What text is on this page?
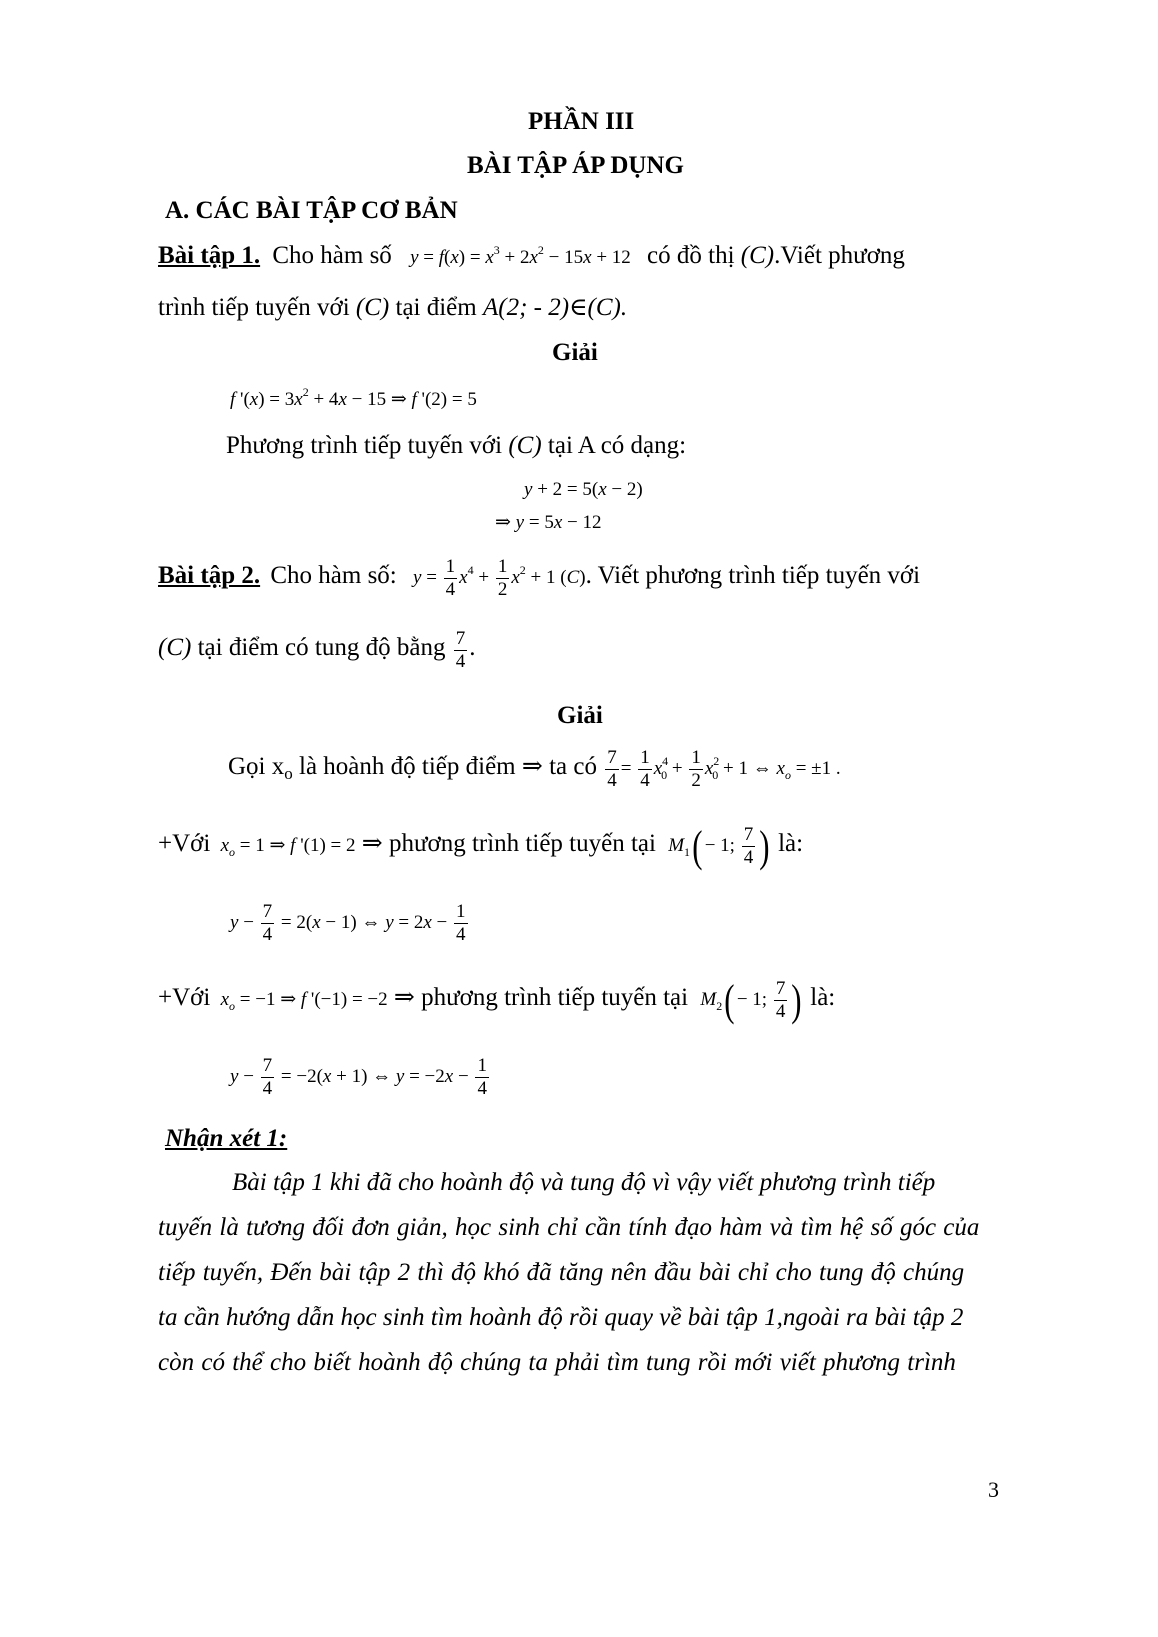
PHẦN III
BÀI TẬP ÁP DỤNG
A. CÁC BÀI TẬP CƠ BẢN
Bài tập 1. Cho hàm số $y = f(x) = x^3 + 2x^2 - 15x + 12$ có đồ thị (C).Viết phương
trình tiếp tuyến với (C) tại điểm A(2; - 2)∈(C).
Giải
f '$(x) = 3x^2 + 4x - 15$ ⇒ f '(2) = 5
Phương trình tiếp tuyến với (C) tại A có dạng:
y + 2 = 5(x − 2)
⇒ y = 5x − 12
Bài tập 2. Cho hàm số: $y = \frac{1}{4} x^4 + \frac{1}{2} x^2 + 1$ (C). Viết phương trình tiếp tuyến với
(C) tại điểm có tung độ bằng $\frac{7}{4}$ .
Giải
Gọi $x_o$ là hoành độ tiếp điểm ⇒ ta có $\frac{7}{4} = \frac{1}{4} x^4_0 + \frac{1}{2} x^2_0 + 1$ ⇔ $x_o = \pm 1$ .
+Với $x_o = 1$ ⇒ f '(1) = 2 ⇒ phương trình tiếp tuyến tại $M_1( - 1$; $\frac{7}{4}$ ) là:
$y - \frac{7}{4} = 2(x - 1)$ ⇔ $y = 2x - \frac{1}{4}$
+Với $x_o = -1$ ⇒ f '(−1) = −2 ⇒ phương trình tiếp tuyến tại $M_2( - 1$; $\frac{7}{4}$ ) là:
$y - \frac{7}{4} = -2(x + 1)$ ⇔ $y = -2x - \frac{1}{4}$
Nhận xét 1:
Bài tập 1 khi đã cho hoành độ và tung độ vì vậy viết phương trình tiếp
tuyến là tương đối đơn giản, học sinh chỉ cần tính đạo hàm và tìm hệ số góc của
tiếp tuyến, Đến bài tập 2 thì độ khó đã tăng nên đầu bài chỉ cho tung độ chúng
ta cần hướng dẫn học sinh tìm hoành độ rồi quay về bài tập 1,ngoài ra bài tập 2
còn có thể cho biết hoành độ chúng ta phải tìm tung rồi mới viết phương trình
3
